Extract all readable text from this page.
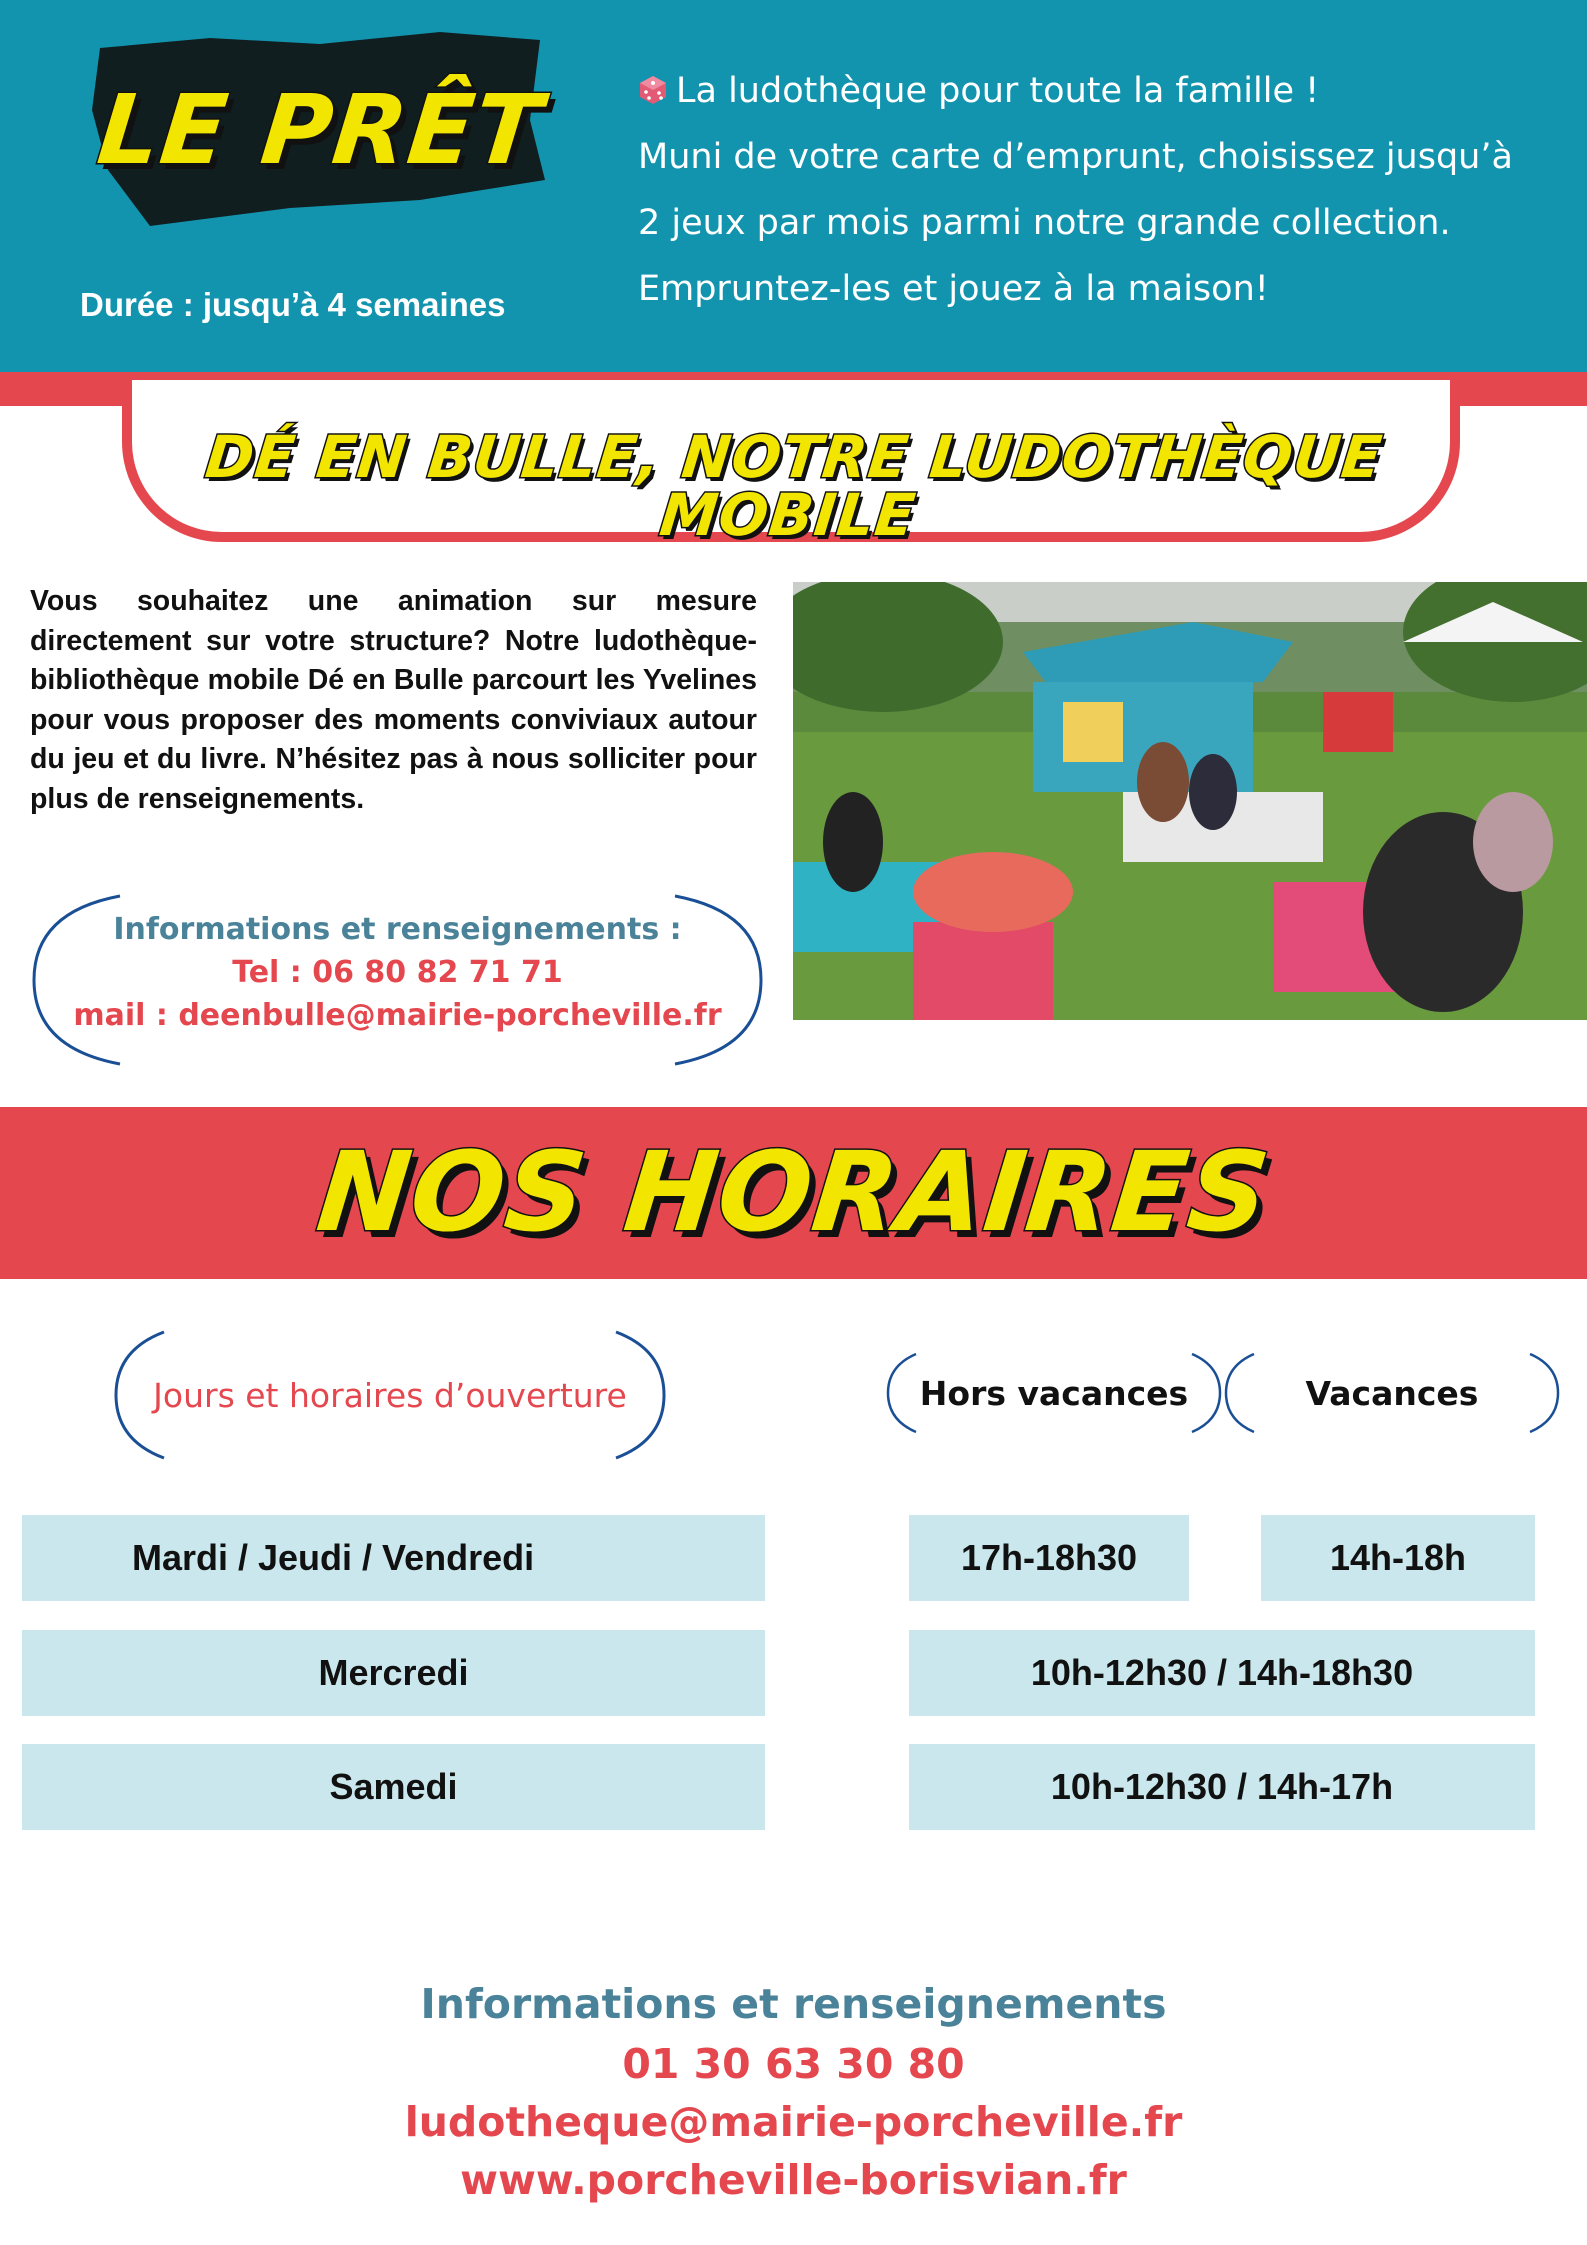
LE PRÊT
Durée : jusqu’à 4 semaines
La ludothèque pour toute la famille !
Muni de votre carte d’emprunt, choisissez jusqu’à
2 jeux par mois parmi notre grande collection.
Empruntez-les et jouez à la maison!
DÉ EN BULLE, NOTRE LUDOTHÈQUE MOBILE
Vous souhaitez une animation sur mesure directement sur votre structure? Notre ludothèque-bibliothèque mobile Dé en Bulle parcourt les Yvelines pour vous proposer des moments conviviaux autour du jeu et du livre. N’hésitez pas à nous solliciter pour plus de renseignements.
Informations et renseignements :
Tel : 06 80 82 71 71
mail : deenbulle@mairie-porcheville.fr
NOS HORAIRES
Jours et horaires d’ouverture	Hors vacances	Vacances
Mardi / Jeudi / Vendredi	17h-18h30	14h-18h
Mercredi	10h-12h30 / 14h-18h30
Samedi	10h-12h30 / 14h-17h
Informations et renseignements
01 30 63 30 80
ludotheque@mairie-porcheville.fr
www.porcheville-borisvian.fr
